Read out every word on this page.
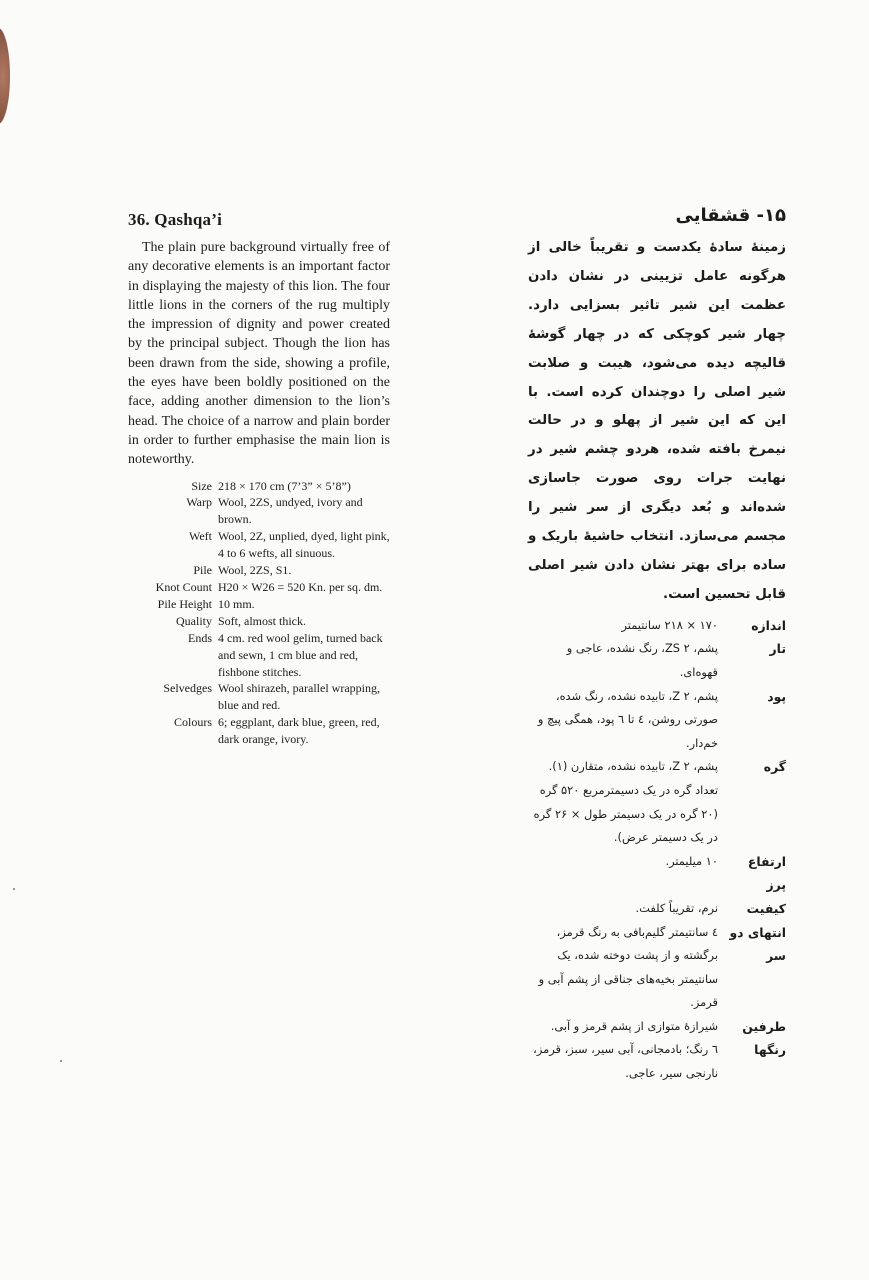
36. Qashqa’i

The plain pure background virtually free of any decorative elements is an important factor in displaying the majesty of this lion. The four little lions in the corners of the rug multiply the impression of dignity and power created by the principal subject. Though the lion has been drawn from the side, showing a profile, the eyes have been boldly positioned on the face, adding another dimension to the lion’s head. The choice of a narrow and plain border in order to further emphasise the main lion is noteworthy.

Size 218 × 170 cm (7’3” × 5’8”)
Warp Wool, 2ZS, undyed, ivory and brown.
Weft Wool, 2Z, unplied, dyed, light pink, 4 to 6 wefts, all sinuous.
Pile Wool, 2ZS, S1.
Knot Count H20 × W26 = 520 Kn. per sq. dm.
Pile Height 10 mm.
Quality Soft, almost thick.
Ends 4 cm. red wool gelim, turned back and sewn, 1 cm blue and red, fishbone stitches.
Selvedges Wool shirazeh, parallel wrapping, blue and red.
Colours 6; eggplant, dark blue, green, red, dark orange, ivory.
۱۵- قشقایی

زمینهٔ سادهٔ یکدست و تقریباً خالی از هرگونه عامل تزیینی در نشان دادن عظمت این شیر تاثیر بسزایی دارد. چهار شیر کوچکی که در چهار گوشهٔ قالیچه دیده می‌شود، هیبت و صلابت شیر اصلی را دوچندان کرده است. با این که این شیر از پهلو و در حالت نیمرخ بافته شده، هردو چشم شیر در نهایت جرات روی صورت جاسازی شده‌اند و بُعد دیگری از سر شیر را مجسم می‌سازد. انتخاب حاشیهٔ باریک و ساده برای بهتر نشان دادن شیر اصلی قابل تحسین است.

اندازه
۱۷۰ × ۲۱۸ سانتیمتر
تار
پشم، ZS ۲، رنگ نشده، عاجی و قهوه‌ای.
پود
پشم، Z ۲، تابیده نشده، رنگ شده، صورتی روشن، ٤ تا ٦ پود، همگی پیچ و خم‌دار.
گره
پشم، Z ۲، تابیده نشده، متقارن (۱). تعداد گره در یک دسیمترمربع ۵۲۰ گره (۲۰ گره در یک دسیمتر طول × ۲۶ گره در یک دسیمتر عرض).
ارتفاع پرز
۱۰ میلیمتر.
کیفیت
نرم، تقریباً کلفت.
انتهای دو سر
٤ سانتیمتر گلیم‌بافی به رنگ قرمز، برگشته و از پشت دوخته شده، یک سانتیمتر بخیه‌های جناقی از پشم آبی و قرمز.
طرفین
شیرازهٔ متوازی از پشم قرمز و آبی.
رنگها
٦ رنگ؛ بادمجانی، آبی سیر، سبز، قرمز، نارنجی سیر، عاجی.
